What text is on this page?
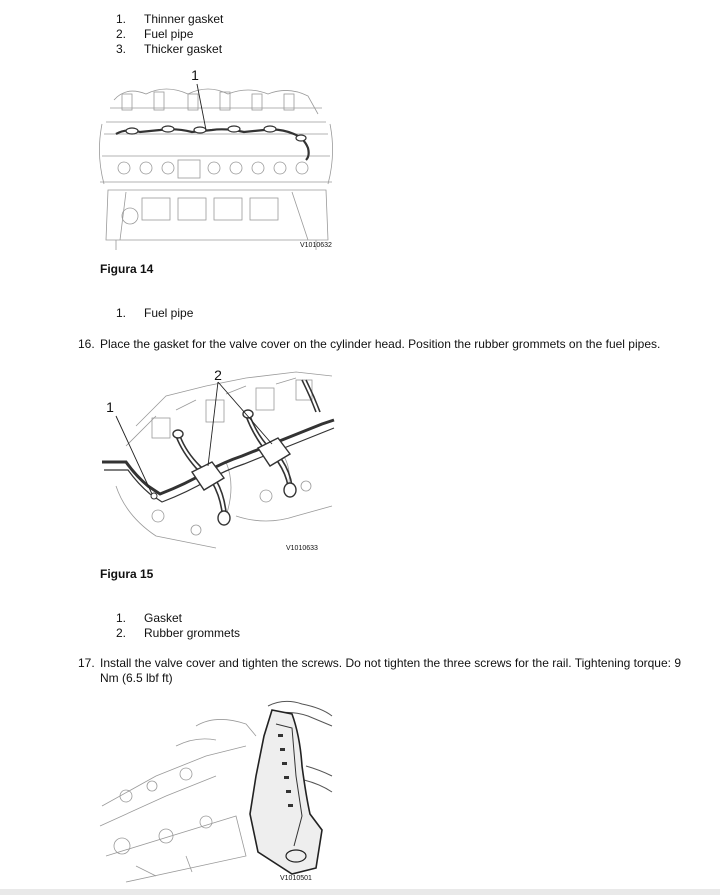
1. Thinner gasket
2. Fuel pipe
3. Thicker gasket
1
V1010632
Figura 14
1. Fuel pipe
16. Place the gasket for the valve cover on the cylinder head. Position the rubber grommets on the fuel pipes.
1
2
V1010633
Figura 15
1. Gasket
2. Rubber grommets
17. Install the valve cover and tighten the screws. Do not tighten the three screws for the rail. Tightening torque: 9 Nm (6.5 lbf ft)
V1010501
